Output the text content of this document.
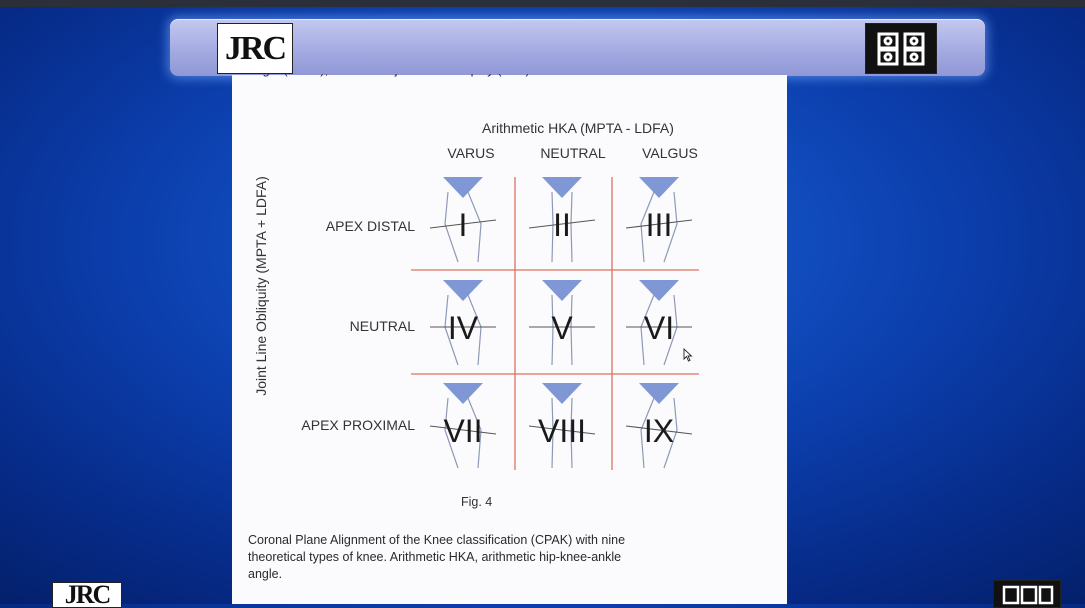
JRC
Arithmetic HKA (MPTA - LDFA)
Joint Line Obliquity (MPTA + LDFA)
VARUS	NEUTRAL	VALGUS
APEX DISTAL
NEUTRAL
APEX PROXIMAL
I	II III
IV V VI
VII VIII IX
Fig. 4
Coronal Plane Alignment of the Knee classification (CPAK) with nine
theoretical types of knee. Arithmetic HKA, arithmetic hip-knee-ankle
angle.
JRC
